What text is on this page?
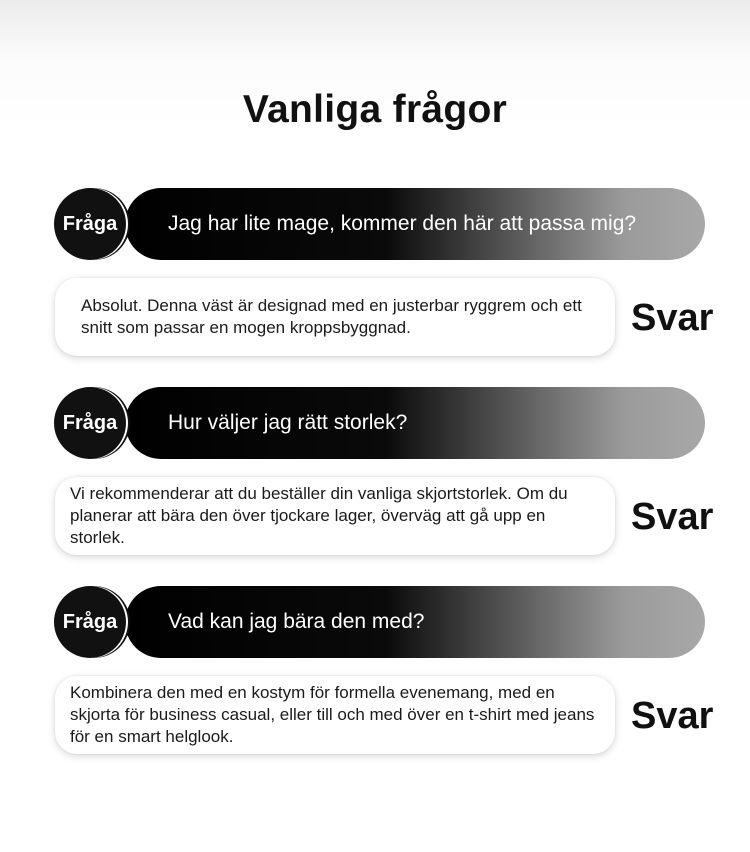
Vanliga frågor
Fråga	Jag har lite mage, kommer den här att passa mig?
Absolut. Denna väst är designad med en justerbar ryggrem och ett snitt som passar en mogen kroppsbyggnad.	Svar
Fråga	Hur väljer jag rätt storlek?
Vi rekommenderar att du beställer din vanliga skjortstorlek. Om du planerar att bära den över tjockare lager, överväg att gå upp en storlek.	Svar
Fråga	Vad kan jag bära den med?
Kombinera den med en kostym för formella evenemang, med en skjorta för business casual, eller till och med över en t-shirt med jeans för en smart helglook.	Svar
